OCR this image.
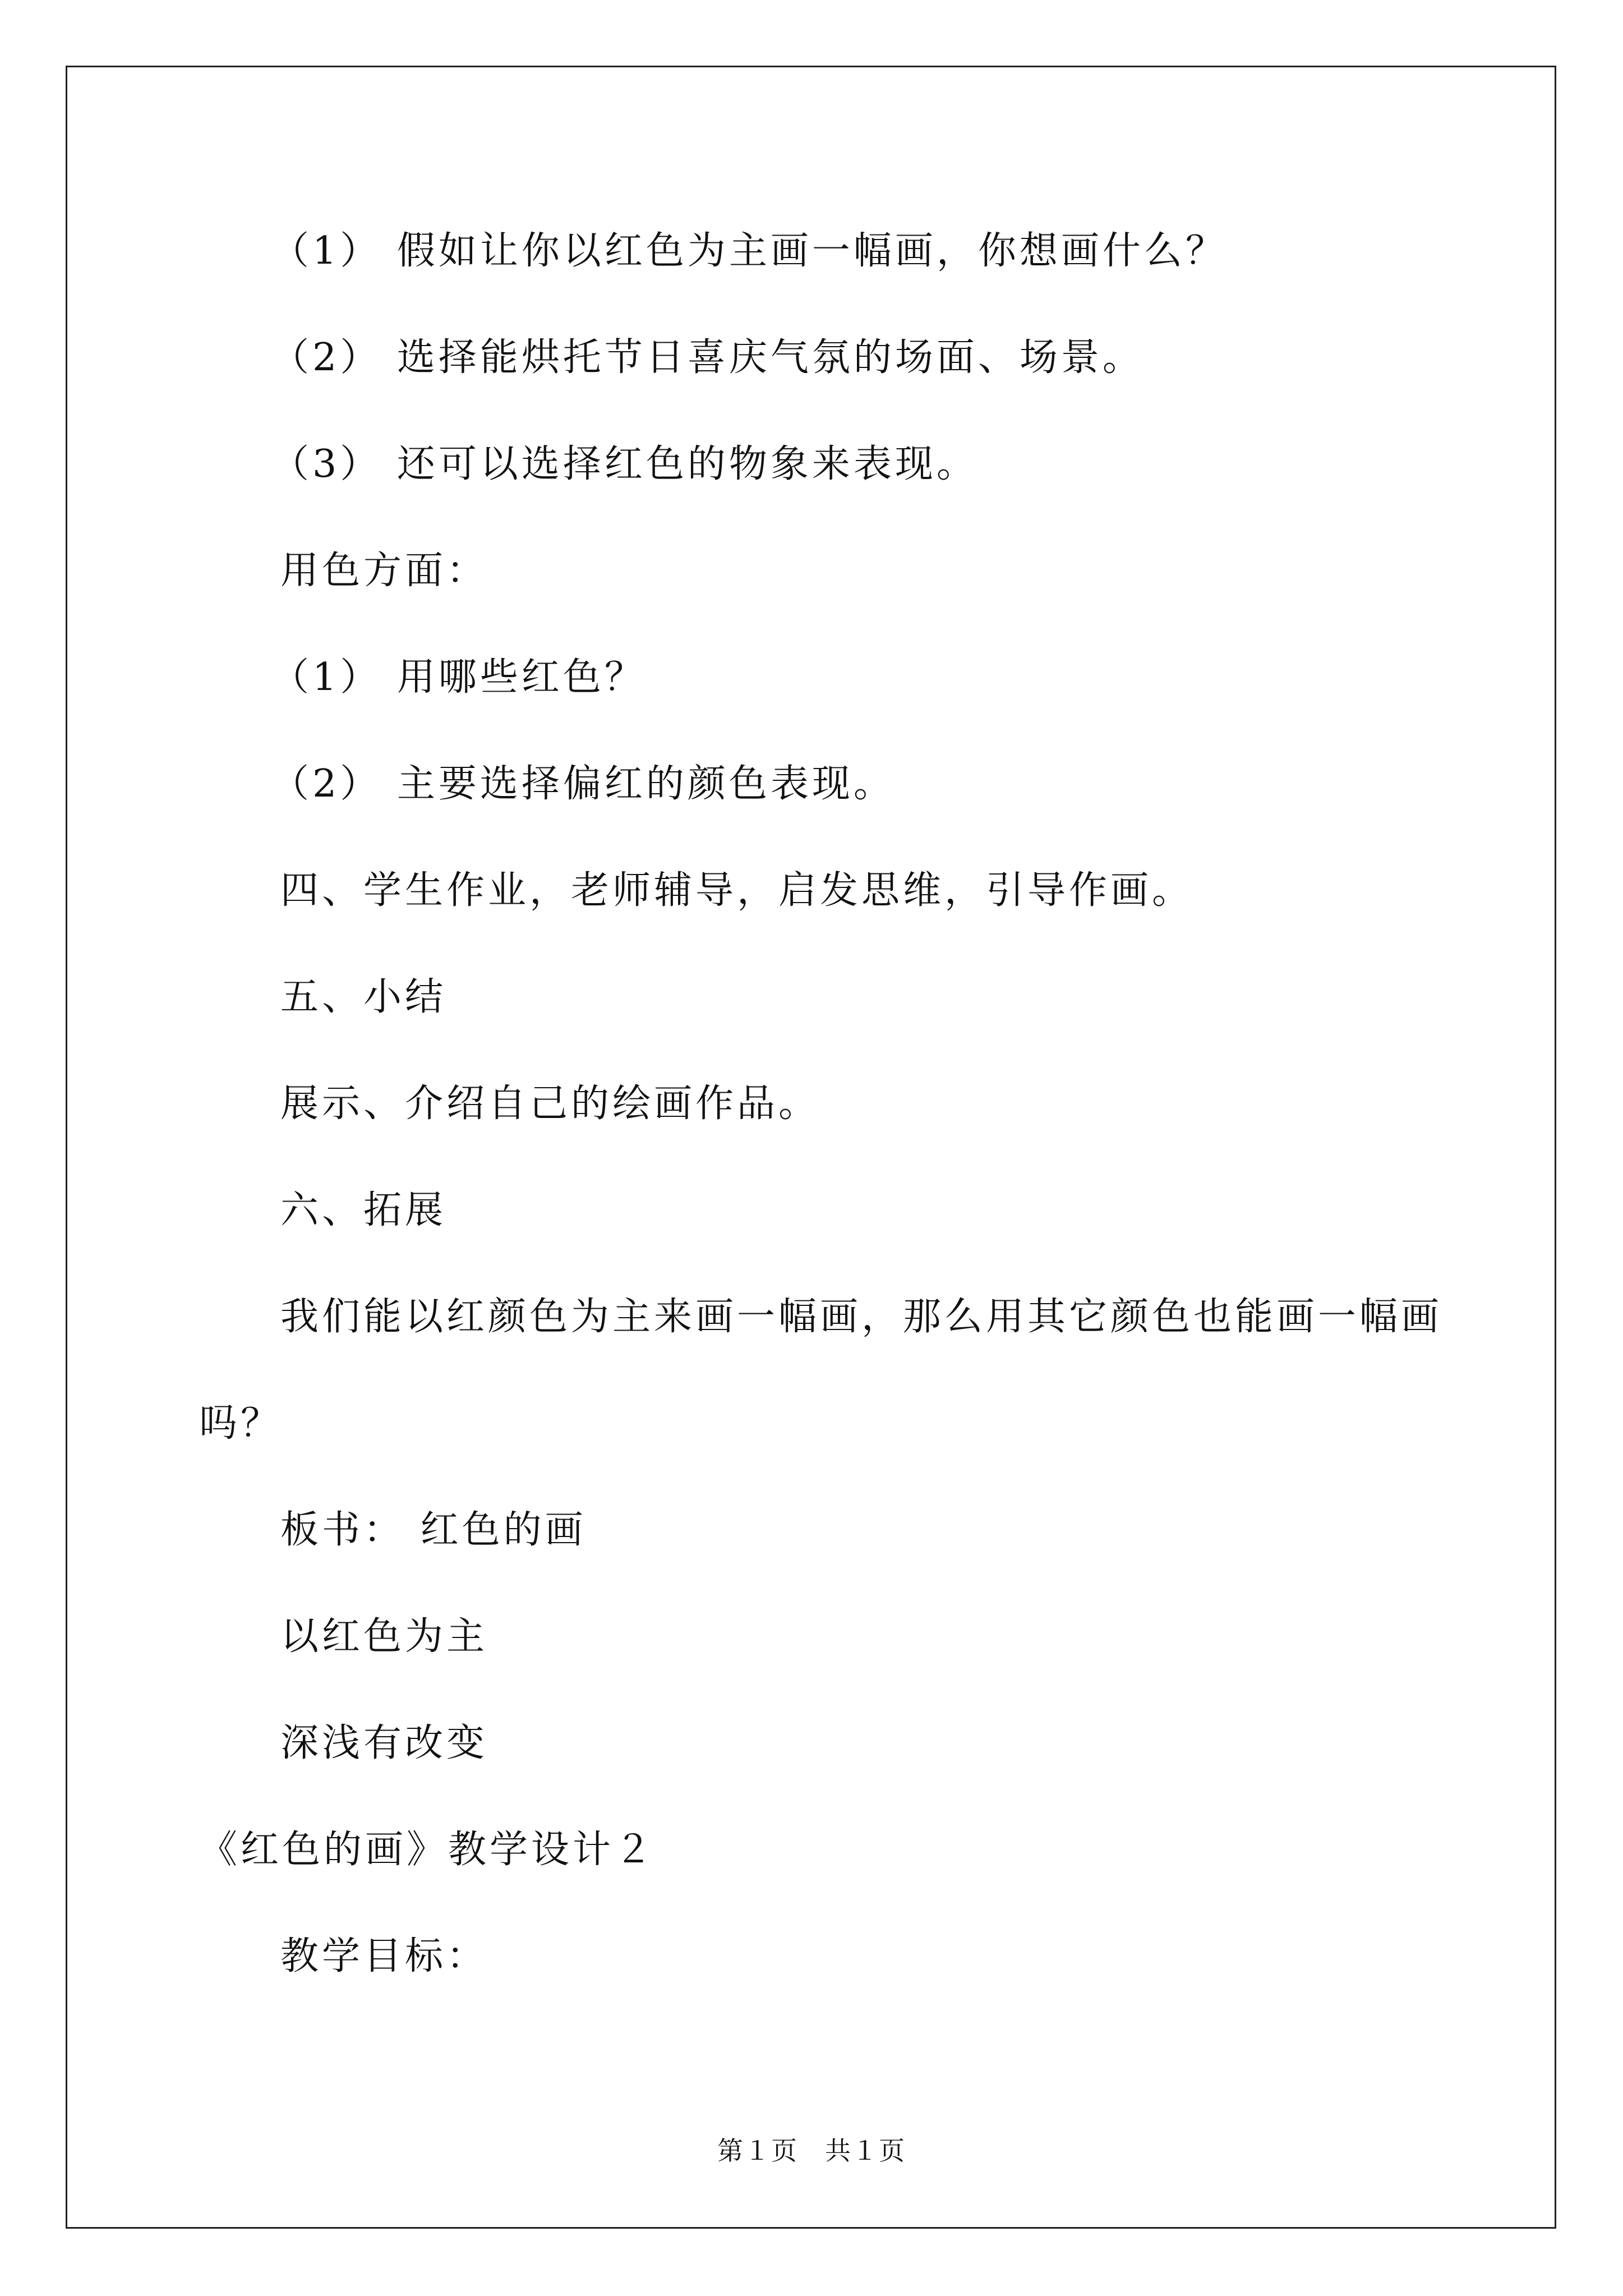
（1） 假如让你以红色为主画一幅画，你想画什么？
（2） 选择能烘托节日喜庆气氛的场面、场景。
（3） 还可以选择红色的物象来表现。
用色方面：
（1） 用哪些红色？
（2） 主要选择偏红的颜色表现。
四、学生作业，老师辅导，启发思维，引导作画。
五、小结
展示、介绍自己的绘画作品。
六、拓展
我们能以红颜色为主来画一幅画，那么用其它颜色也能画一幅画
吗？
板书： 红色的画
以红色为主
深浅有改变
《红色的画》教学设计２
教学目标：
第１页　共１页
